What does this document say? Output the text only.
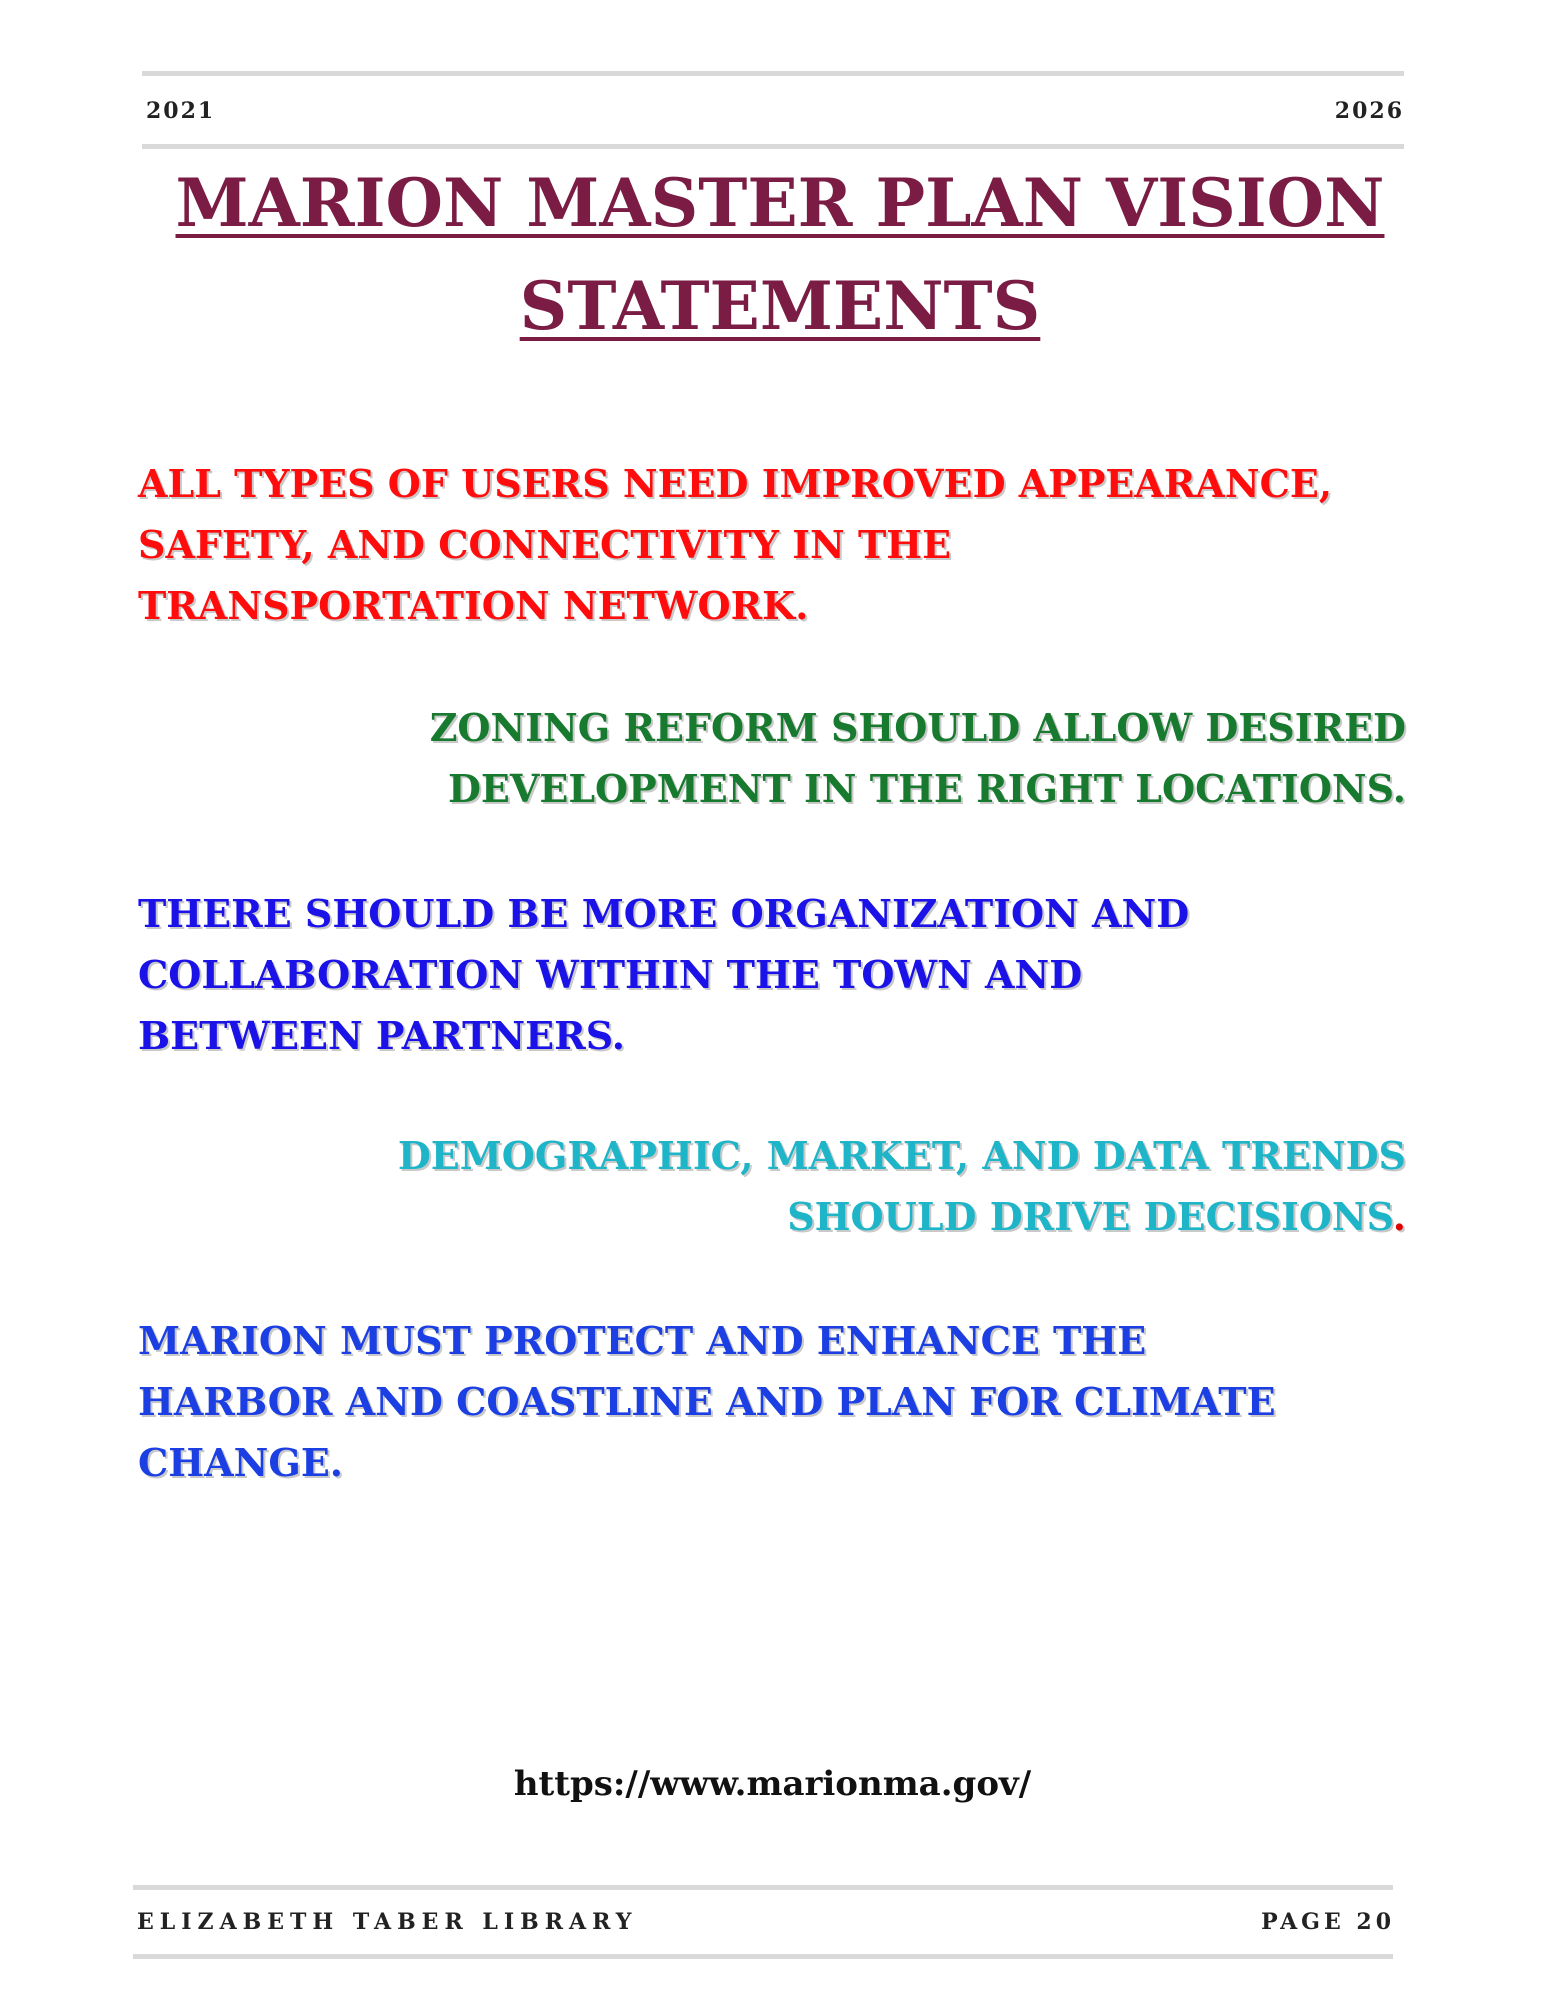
2021	2026
MARION MASTER PLAN VISION
STATEMENTS

ALL TYPES OF USERS NEED IMPROVED APPEARANCE,
SAFETY, AND CONNECTIVITY IN THE
TRANSPORTATION NETWORK.

ZONING REFORM SHOULD ALLOW DESIRED
DEVELOPMENT IN THE RIGHT LOCATIONS.

THERE SHOULD BE MORE ORGANIZATION AND
COLLABORATION WITHIN THE TOWN AND
BETWEEN PARTNERS.

DEMOGRAPHIC, MARKET, AND DATA TRENDS
SHOULD DRIVE DECISIONS.

MARION MUST PROTECT AND ENHANCE THE
HARBOR AND COASTLINE AND PLAN FOR CLIMATE
CHANGE.

https://www.marionma.gov/
ELIZABETH TABER LIBRARY	PAGE 20
